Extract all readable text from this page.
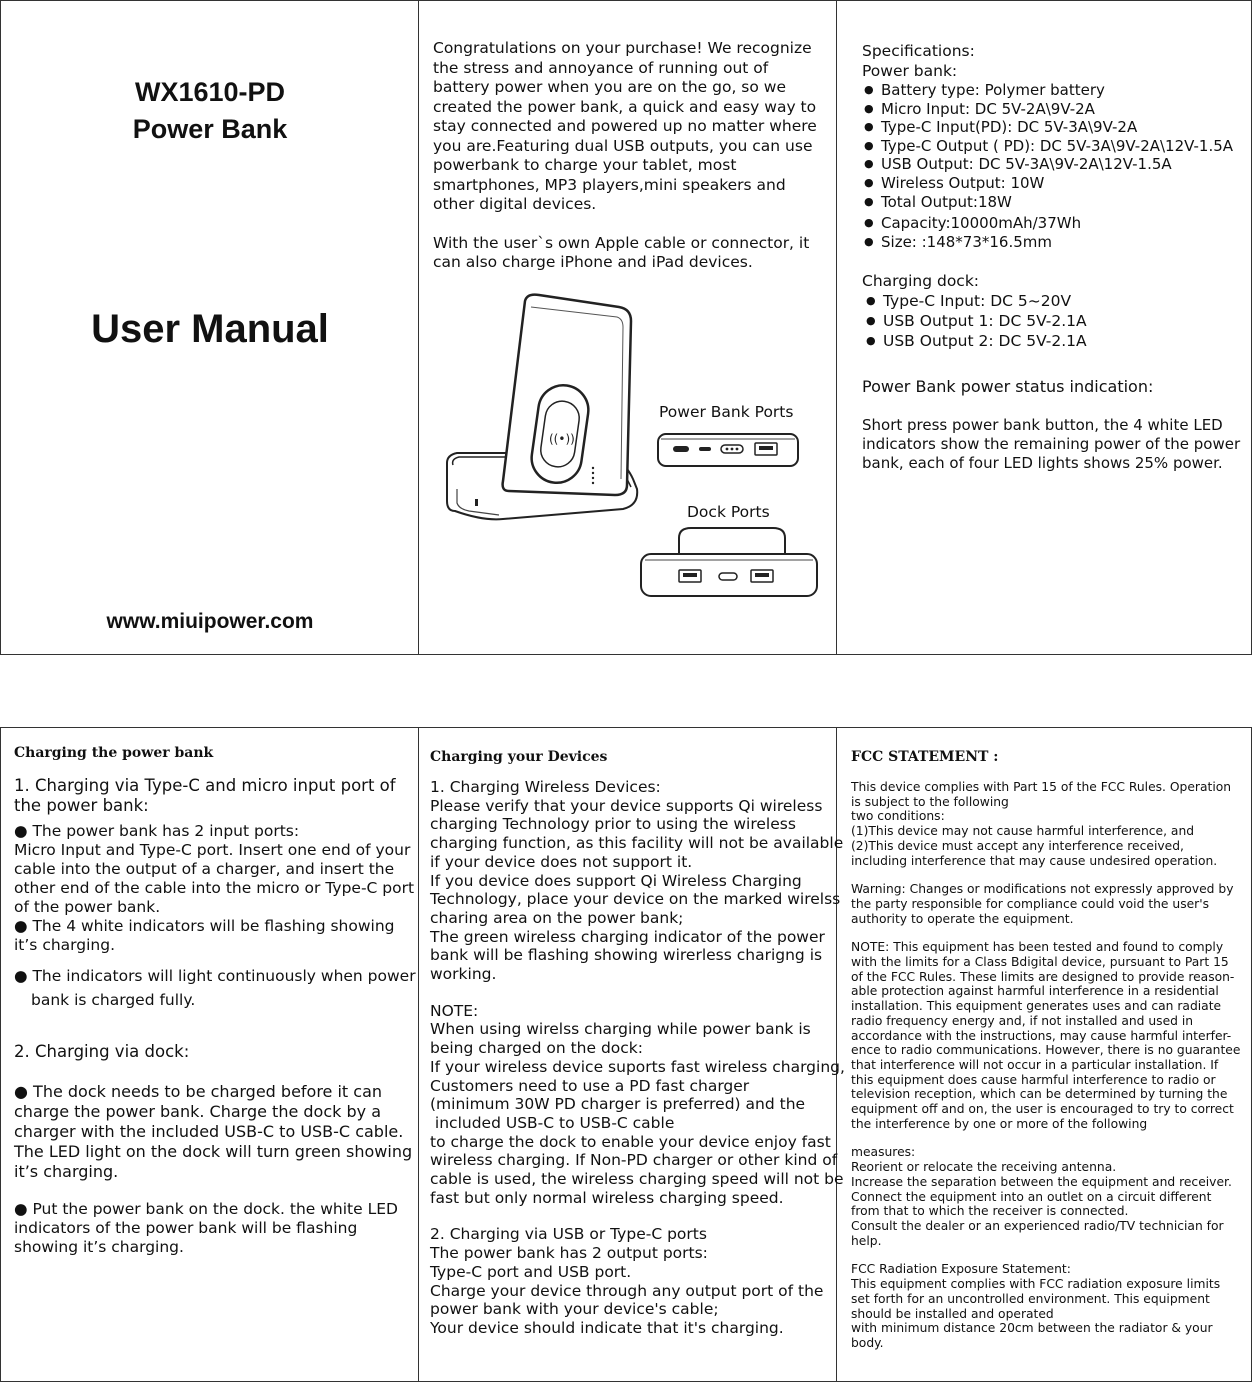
WX1610-PD
Power Bank
User Manual
www.miuipower.com

Congratulations on your purchase! We recognize the stress and annoyance of running out of battery power when you are on the go, so we created the power bank, a quick and easy way to stay connected and powered up no matter where you are.Featuring dual USB outputs, you can use powerbank to charge your tablet, most smartphones, MP3 players,mini speakers and other digital devices.

With the user`s own Apple cable or connector, it can also charge iPhone and iPad devices.

((•))
Power Bank Ports
Dock Ports
Specifications:
Power bank:
● Battery type: Polymer battery
● Micro Input: DC 5V-2A\9V-2A
● Type-C Input(PD): DC 5V-3A\9V-2A
● Type-C Output ( PD): DC 5V-3A\9V-2A\12V-1.5A
● USB Output: DC 5V-3A\9V-2A\12V-1.5A
● Wireless Output: 10W
● Total Output:18W
● Capacity:10000mAh/37Wh
● Size: :148*73*16.5mm
Charging dock:
● Type-C Input: DC 5~20V
● USB Output 1: DC 5V-2.1A
● USB Output 2: DC 5V-2.1A
Power Bank power status indication:
Short press power bank button, the 4 white LED indicators show the remaining power of the power bank, each of four LED lights shows 25% power.
Charging the power bank
1. Charging via Type-C and micro input port of the power bank:
● The power bank has 2 input ports:
Micro Input and Type-C port. Insert one end of your cable into the output of a charger, and insert the other end of the cable into the micro or Type-C port of the power bank.
● The 4 white indicators will be flashing showing it’s charging.
● The indicators will light continuously when power
bank is charged fully.
2. Charging via dock:
● The dock needs to be charged before it can charge the power bank. Charge the dock by a charger with the included USB-C to USB-C cable. The LED light on the dock will turn green showing it’s charging.
● Put the power bank on the dock. the white LED indicators of the power bank will be flashing showing it’s charging.
Charging your Devices
1. Charging Wireless Devices:
Please verify that your device supports Qi wireless charging Technology prior to using the wireless charging function, as this facility will not be available if your device does not support it.
If you device does support Qi Wireless Charging Technology, place your device on the marked wirelss charing area on the power bank;
The green wireless charging indicator of the power bank will be flashing showing wirerless charigng is working.
NOTE:
When using wirelss charging while power bank is being charged on the dock:
If your wireless device suports fast wireless charging,
Customers need to use a PD fast charger
(minimum 30W PD charger is preferred) and the
included USB-C to USB-C cable
to charge the dock to enable your device enjoy fast wireless charging. If Non-PD charger or other kind of cable is used, the wireless charging speed will not be fast but only normal wireless charging speed.
2. Charging via USB or Type-C ports
The power bank has 2 output ports:
Type-C port and USB port.
Charge your device through any output port of the power bank with your device's cable;
Your device should indicate that it's charging.
FCC STATEMENT :
This device complies with Part 15 of the FCC Rules. Operation is subject to the following
two conditions:
(1)This device may not cause harmful interference, and
(2)This device must accept any interference received, including interference that may cause undesired operation.
Warning: Changes or modifications not expressly approved by the party responsible for compliance could void the user's authority to operate the equipment.
NOTE: This equipment has been tested and found to comply with the limits for a Class Bdigital device, pursuant to Part 15 of the FCC Rules. These limits are designed to provide reason-able protection against harmful interference in a residential installation. This equipment generates uses and can radiate radio frequency energy and, if not installed and used in accordance with the instructions, may cause harmful interfer-ence to radio communications. However, there is no guarantee that interference will not occur in a particular installation. If this equipment does cause harmful interference to radio or television reception, which can be determined by turning the equipment off and on, the user is encouraged to try to correct the interference by one or more of the following
measures:
Reorient or relocate the receiving antenna.
Increase the separation between the equipment and receiver.
Connect the equipment into an outlet on a circuit different from that to which the receiver is connected.
Consult the dealer or an experienced radio/TV technician for help.
FCC Radiation Exposure Statement:
This equipment complies with FCC radiation exposure limits set forth for an uncontrolled environment. This equipment should be installed and operated
with minimum distance 20cm between the radiator & your body.
